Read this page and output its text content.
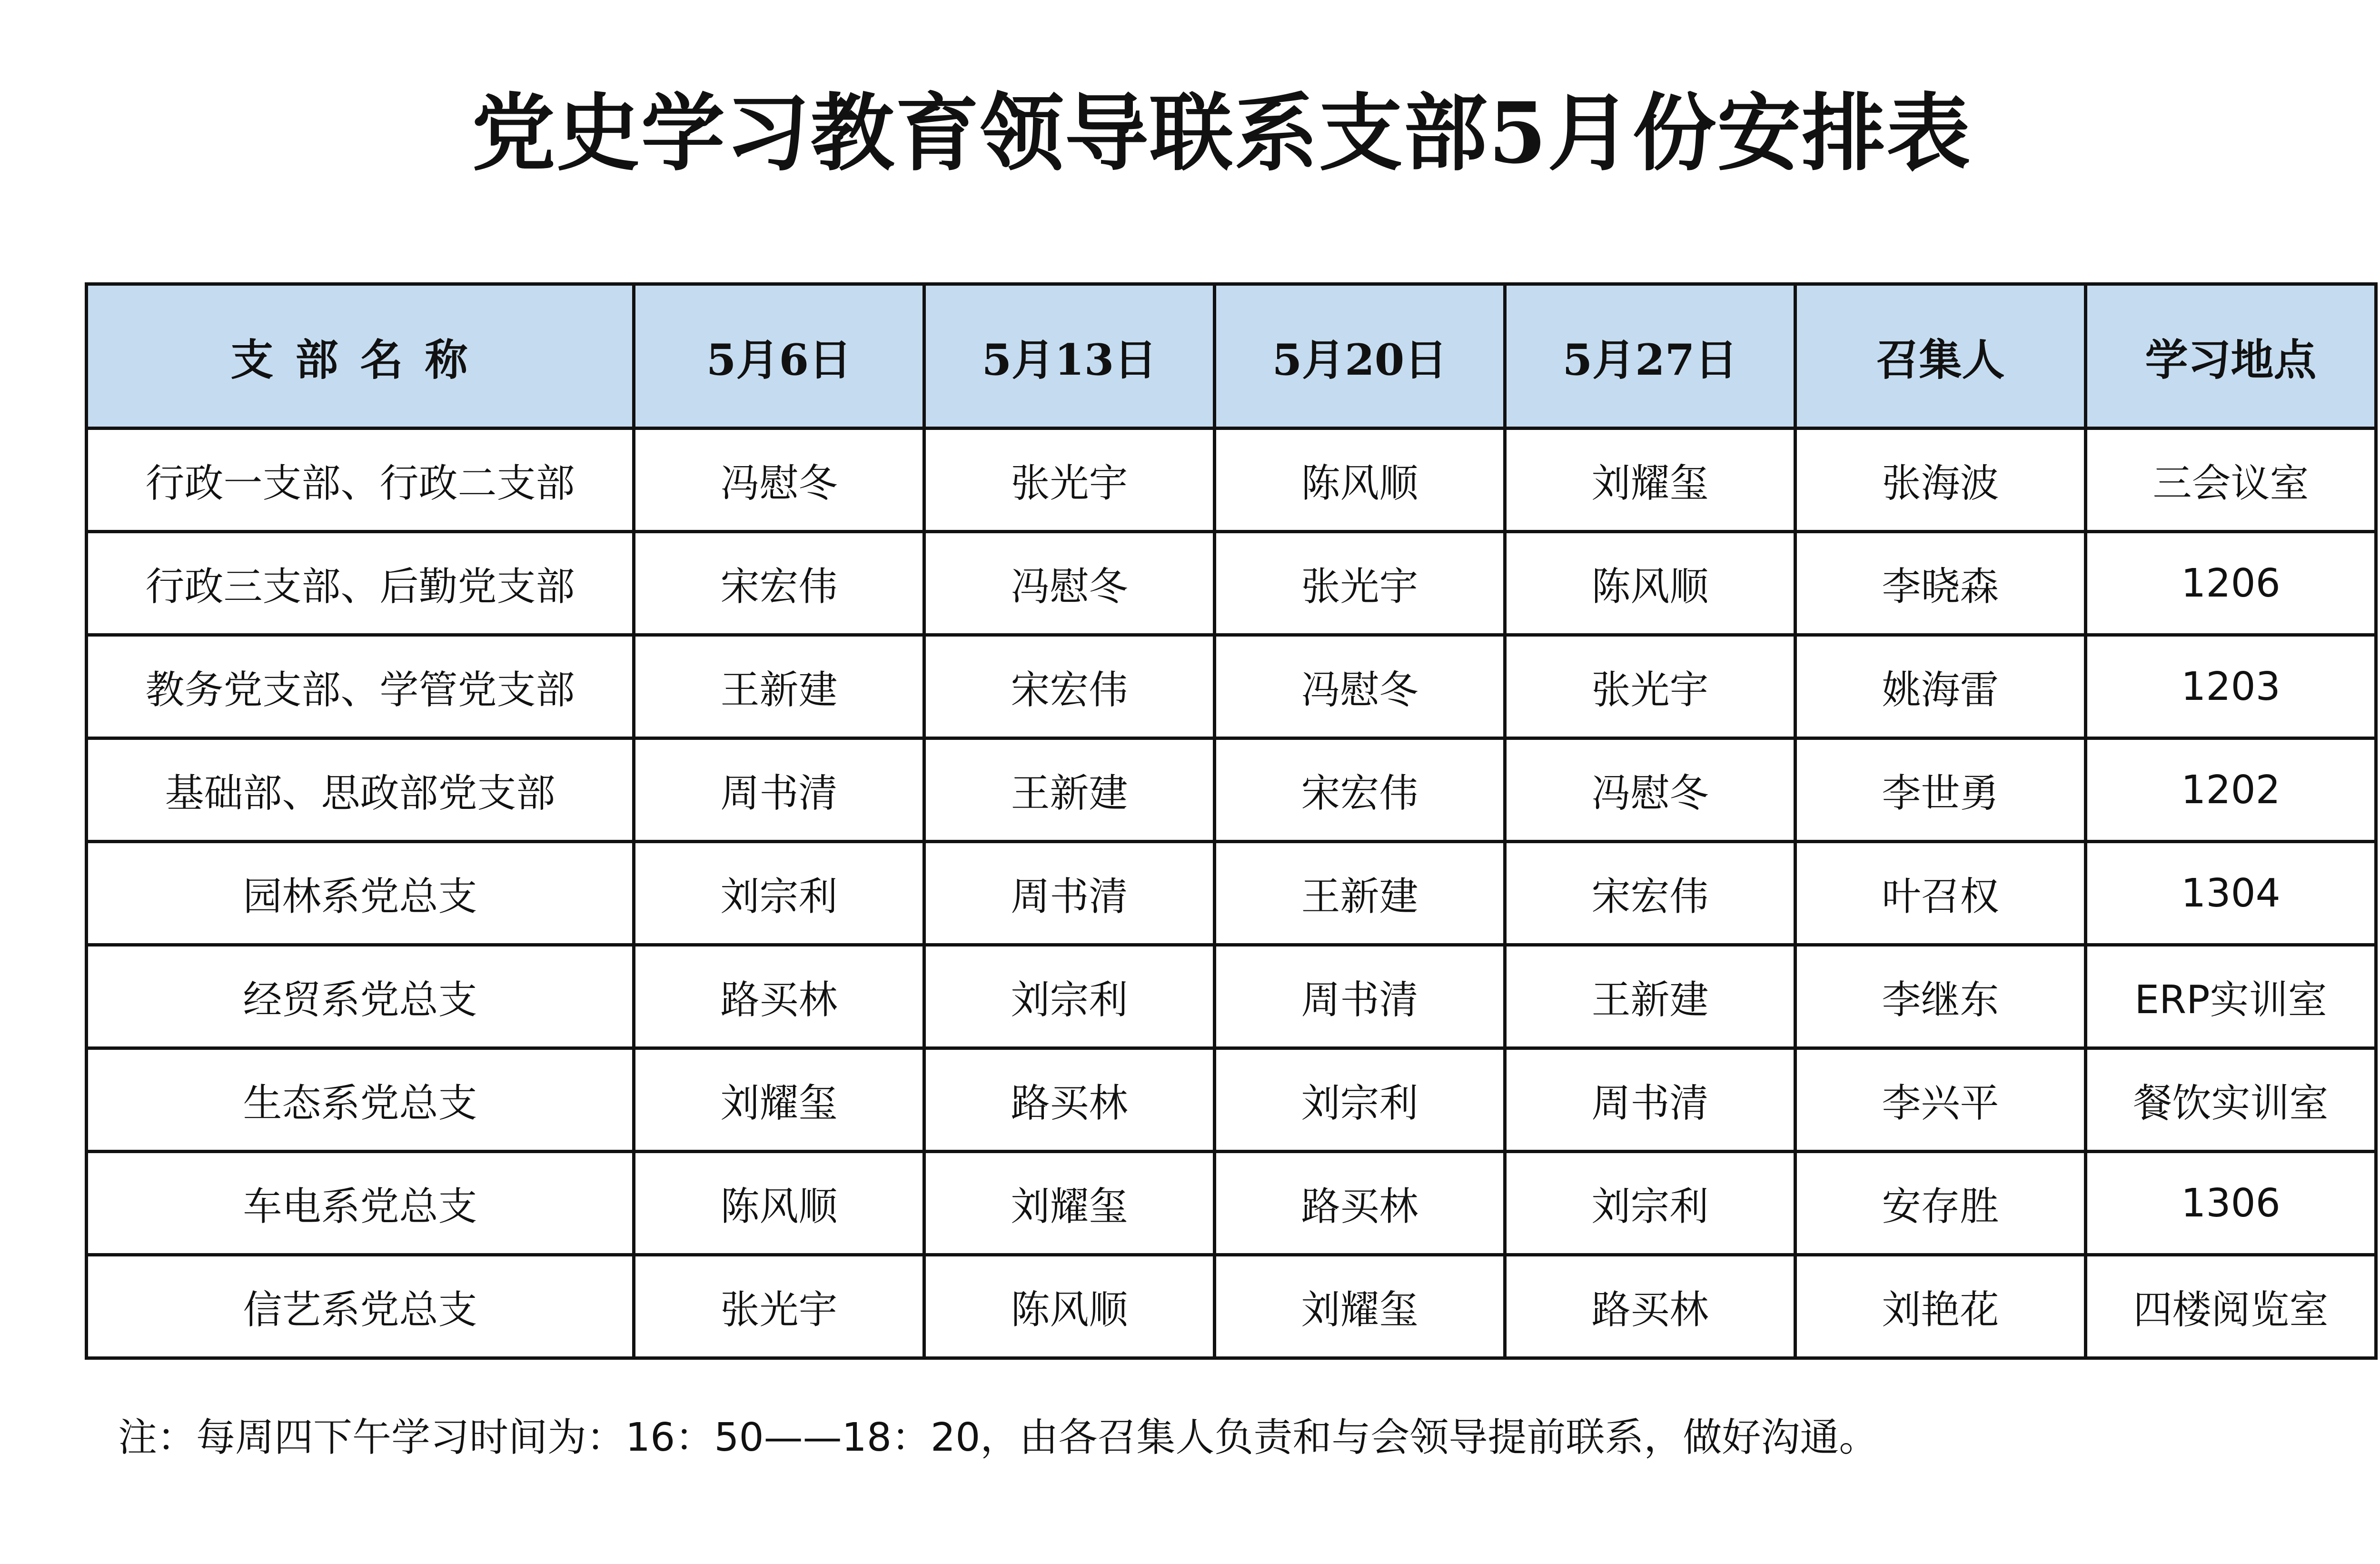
党史学习教育领导联系支部5月份安排表
支部名称	5月6日	5月13日	5月20日	5月27日	召集人	学习地点
行政一支部、行政二支部	冯慰冬	张光宇	陈风顺	刘耀玺	张海波	三会议室
行政三支部、后勤党支部	宋宏伟	冯慰冬	张光宇	陈风顺	李晓森	1206
教务党支部、学管党支部	王新建	宋宏伟	冯慰冬	张光宇	姚海雷	1203
基础部、思政部党支部	周书清	王新建	宋宏伟	冯慰冬	李世勇	1202
园林系党总支	刘宗利	周书清	王新建	宋宏伟	叶召权	1304
经贸系党总支	路买林	刘宗利	周书清	王新建	李继东	ERP实训室
生态系党总支	刘耀玺	路买林	刘宗利	周书清	李兴平	餐饮实训室
车电系党总支	陈风顺	刘耀玺	路买林	刘宗利	安存胜	1306
信艺系党总支	张光宇	陈风顺	刘耀玺	路买林	刘艳花	四楼阅览室
注：每周四下午学习时间为：16：50——18：20，由各召集人负责和与会领导提前联系，做好沟通。
